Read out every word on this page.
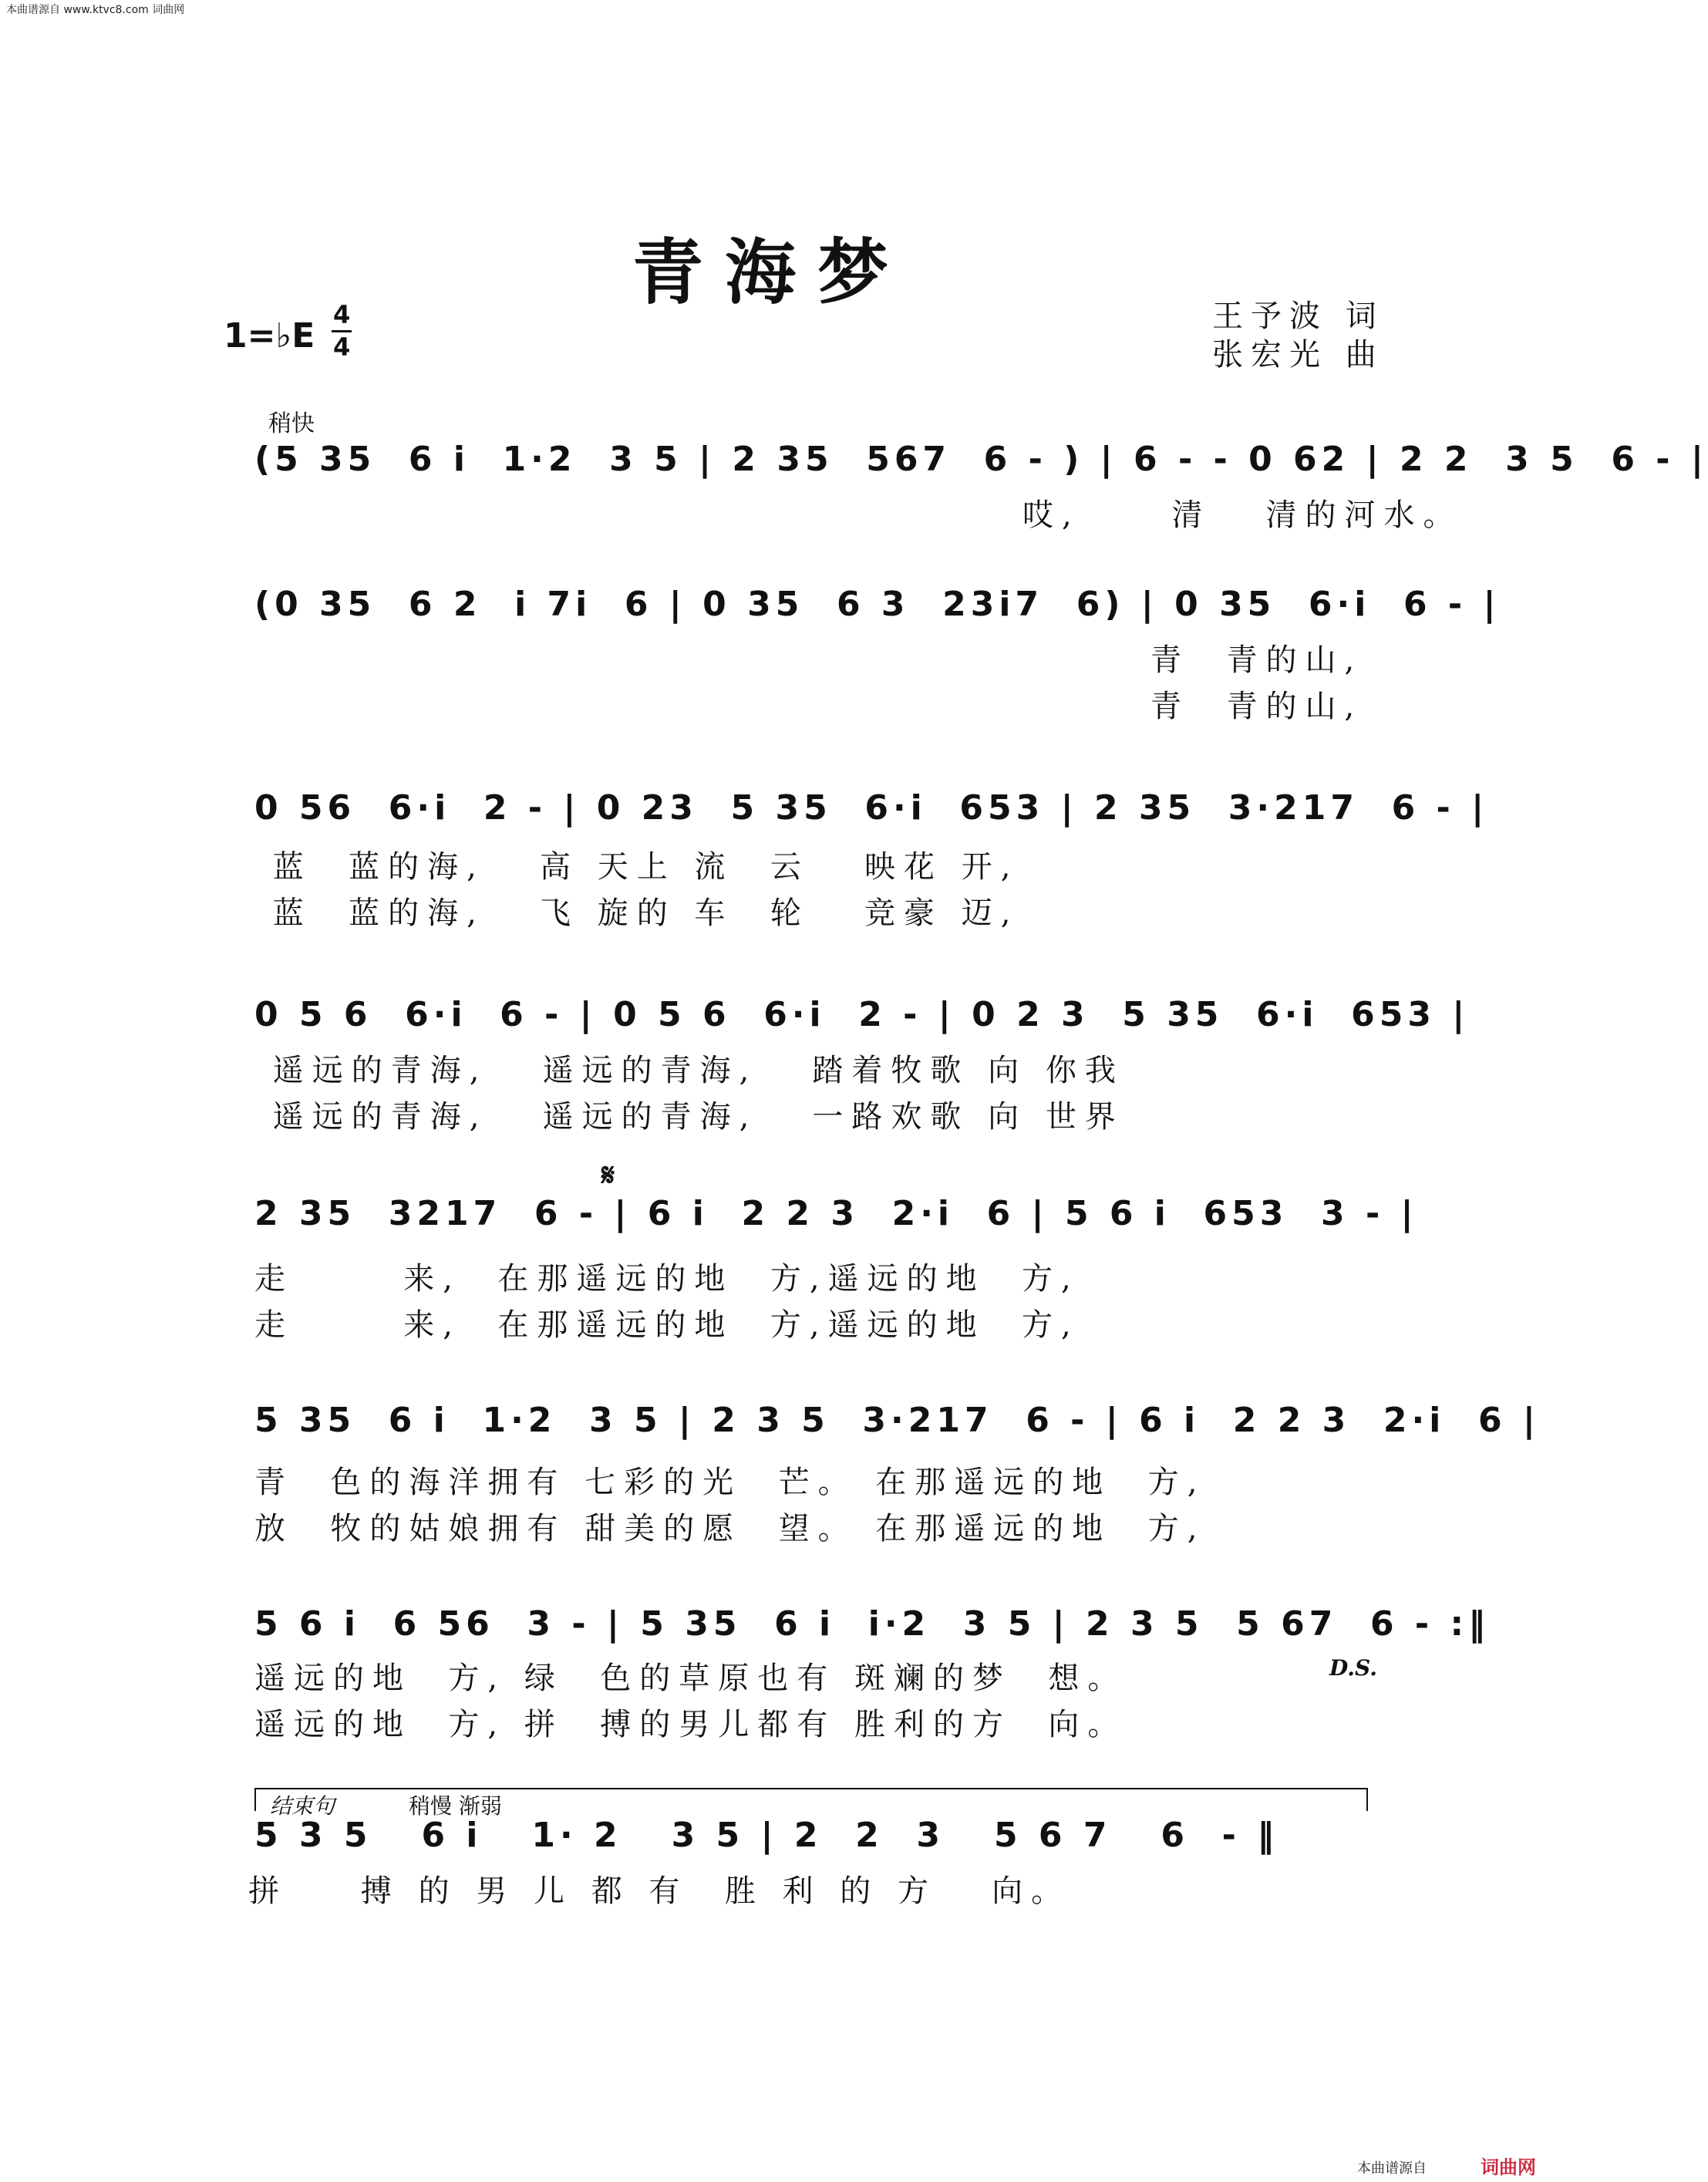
本曲谱源自 www.ktvc8.com 词曲网
青海梦
1=♭E
4
4
王予波 词
张宏光 曲
稍快
(5 35  6 i  1·2  3 5 | 2 35  567  6 - ) | 6 - - 0 62 | 2 2  3 5  6 - |
哎,     清   清的河水。
(0 35  6 2  i 7i  6 | 0 35  6 3  23i7  6) | 0 35  6·i  6 - |
青  青的山,
青  青的山,
0 56  6·i  2 - | 0 23  5 35  6·i  653 | 2 35  3·217  6 - |
蓝  蓝的海,   高 天上 流  云   映花 开,
蓝  蓝的海,   飞 旋的 车  轮   竞豪 迈,
0 5 6  6·i  6 - | 0 5 6  6·i  2 - | 0 2 3  5 35  6·i  653 |
遥远的青海,   遥远的青海,   踏着牧歌 向 你我
遥远的青海,   遥远的青海,   一路欢歌 向 世界
𝄋
2 35  3217  6 - | 6 i  2 2 3  2·i  6 | 5 6 i  653  3 - |
走      来,  在那遥远的地  方,遥远的地  方,
走      来,  在那遥远的地  方,遥远的地  方,
5 35  6 i  1·2  3 5 | 2 3 5  3·217  6 - | 6 i  2 2 3  2·i  6 |
青  色的海洋拥有 七彩的光  芒。 在那遥远的地  方,
放  牧的姑娘拥有 甜美的愿  望。 在那遥远的地  方,
5 6 i  6 56  3 - | 5 35  6 i  i·2  3 5 | 2 3 5  5 67  6 - :‖
遥远的地  方, 绿  色的草原也有 斑斓的梦  想。	D.S.
遥远的地  方, 拼  搏的男儿都有 胜利的方  向。
结束句	稍慢 渐弱
5 3 5   6 i   1· 2   3 5 | 2  2  3   5 6 7   6  - ‖
拼    搏 的 男 儿 都 有  胜 利 的 方   向。
本曲谱源自	词曲网
